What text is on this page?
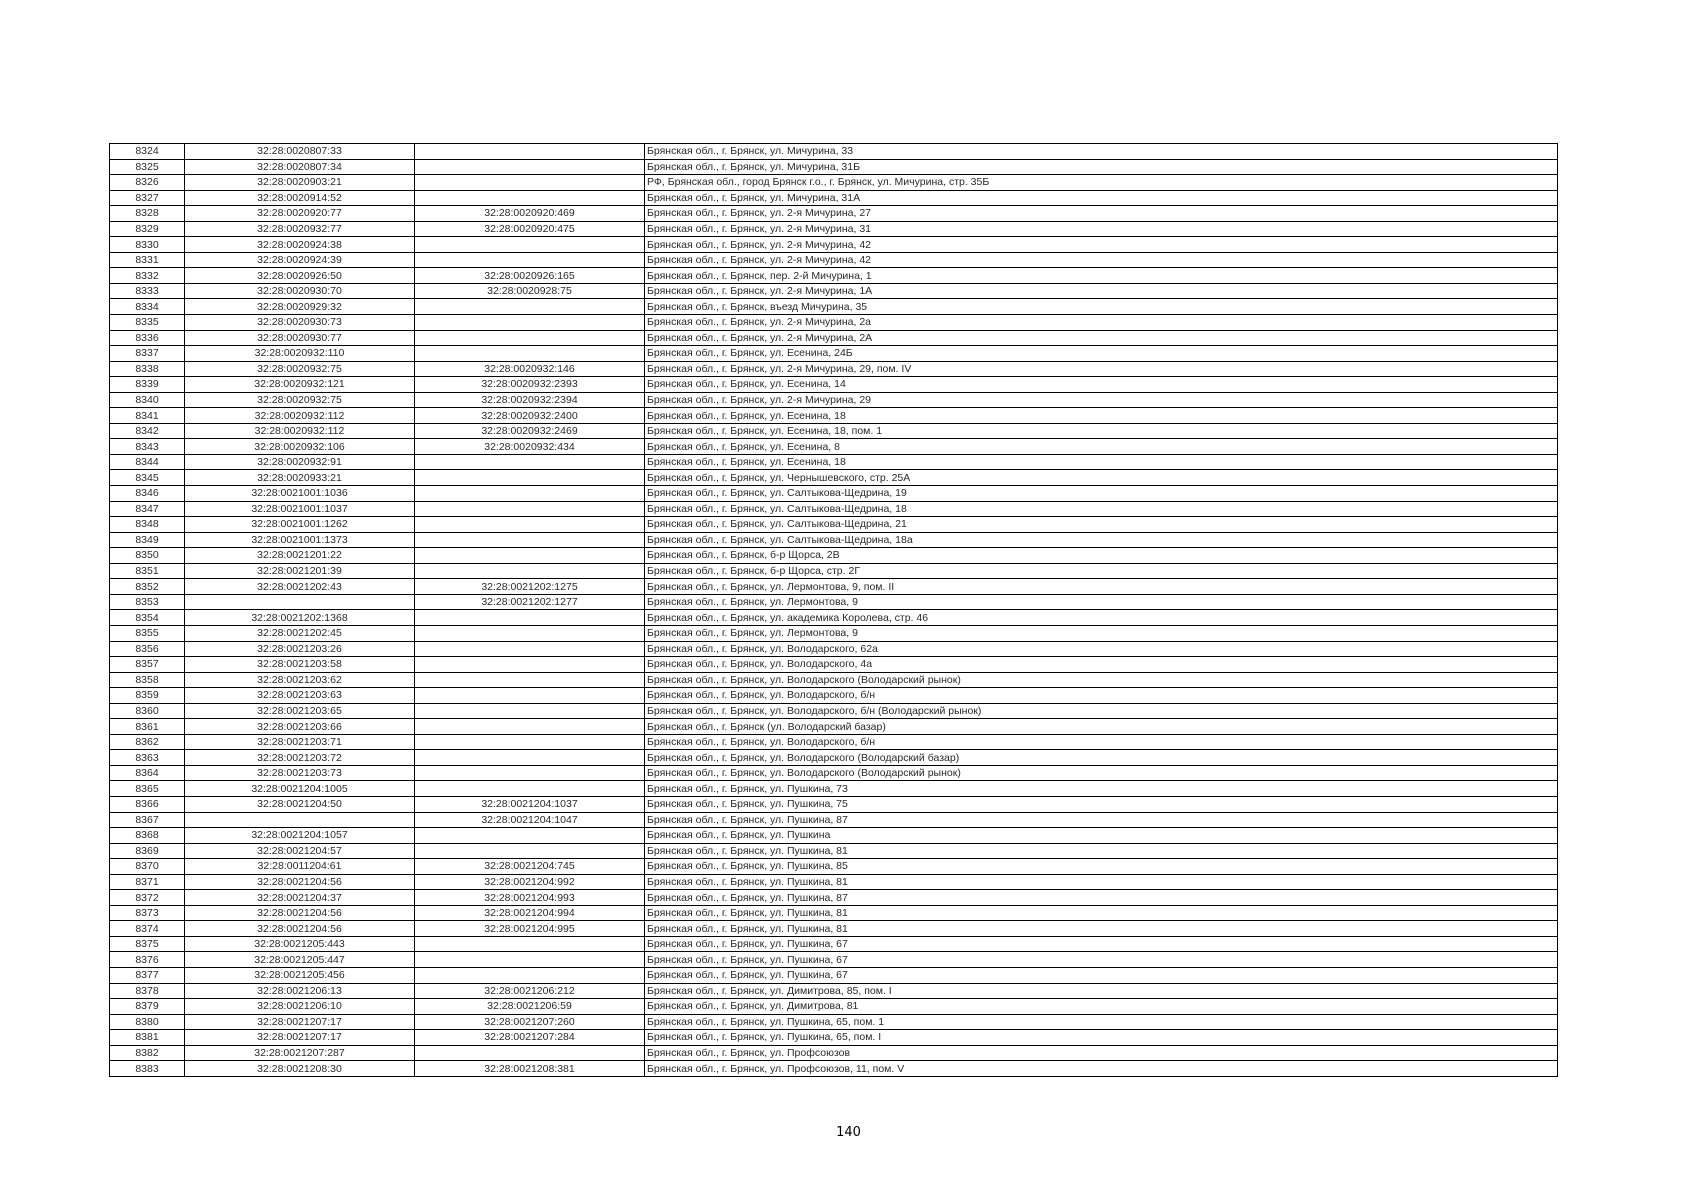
8324	32:28:0020807:33		Брянская обл., г. Брянск, ул. Мичурина, 33
8325	32:28:0020807:34		Брянская обл., г. Брянск, ул. Мичурина, 31Б
8326	32:28:0020903:21		РФ, Брянская обл., город Брянск г.о., г. Брянск, ул. Мичурина, стр. 35Б
8327	32:28:0020914:52		Брянская обл., г. Брянск, ул. Мичурина, 31А
8328	32:28:0020920:77	32:28:0020920:469	Брянская обл., г. Брянск, ул. 2-я Мичурина, 27
8329	32:28:0020932:77	32:28:0020920:475	Брянская обл., г. Брянск, ул. 2-я Мичурина, 31
8330	32:28:0020924:38		Брянская обл., г. Брянск, ул. 2-я Мичурина, 42
8331	32:28:0020924:39		Брянская обл., г. Брянск, ул. 2-я Мичурина, 42
8332	32:28:0020926:50	32:28:0020926:165	Брянская обл., г. Брянск, пер. 2-й Мичурина, 1
8333	32:28:0020930:70	32:28:0020928:75	Брянская обл., г. Брянск, ул. 2-я Мичурина, 1А
8334	32:28:0020929:32		Брянская обл., г. Брянск, въезд Мичурина, 35
8335	32:28:0020930:73		Брянская обл., г. Брянск, ул. 2-я Мичурина, 2а
8336	32:28:0020930:77		Брянская обл., г. Брянск, ул. 2-я Мичурина, 2А
8337	32:28:0020932:110		Брянская обл., г. Брянск, ул. Есенина, 24Б
8338	32:28:0020932:75	32:28:0020932:146	Брянская обл., г. Брянск, ул. 2-я Мичурина, 29, пом. IV
8339	32:28:0020932:121	32:28:0020932:2393	Брянская обл., г. Брянск, ул. Есенина, 14
8340	32:28:0020932:75	32:28:0020932:2394	Брянская обл., г. Брянск, ул. 2-я Мичурина, 29
8341	32:28:0020932:112	32:28:0020932:2400	Брянская обл., г. Брянск, ул. Есенина, 18
8342	32:28:0020932:112	32:28:0020932:2469	Брянская обл., г. Брянск, ул. Есенина, 18, пом. 1
8343	32:28:0020932:106	32:28:0020932:434	Брянская обл., г. Брянск, ул. Есенина, 8
8344	32:28:0020932:91		Брянская обл., г. Брянск, ул. Есенина, 18
8345	32:28:0020933:21		Брянская обл., г. Брянск, ул. Чернышевского, стр. 25А
8346	32:28:0021001:1036		Брянская обл., г. Брянск, ул. Салтыкова-Щедрина, 19
8347	32:28:0021001:1037		Брянская обл., г. Брянск, ул. Салтыкова-Щедрина, 18
8348	32:28:0021001:1262		Брянская обл., г. Брянск, ул. Салтыкова-Щедрина, 21
8349	32:28:0021001:1373		Брянская обл., г. Брянск, ул. Салтыкова-Щедрина, 18а
8350	32:28:0021201:22		Брянская обл., г. Брянск, б-р Щорса, 2В
8351	32:28:0021201:39		Брянская обл., г. Брянск, б-р Щорса, стр. 2Г
8352	32:28:0021202:43	32:28:0021202:1275	Брянская обл., г. Брянск, ул. Лермонтова, 9, пом. II
8353		32:28:0021202:1277	Брянская обл., г. Брянск, ул. Лермонтова, 9
8354	32:28:0021202:1368		Брянская обл., г. Брянск, ул. академика Королева, стр. 46
8355	32:28:0021202:45		Брянская обл., г. Брянск, ул. Лермонтова, 9
8356	32:28:0021203:26		Брянская обл., г. Брянск, ул. Володарского, 62а
8357	32:28:0021203:58		Брянская обл., г. Брянск, ул. Володарского, 4а
8358	32:28:0021203:62		Брянская обл., г. Брянск, ул. Володарского (Володарский рынок)
8359	32:28:0021203:63		Брянская обл., г. Брянск, ул. Володарского, б/н
8360	32:28:0021203:65		Брянская обл., г. Брянск, ул. Володарского, б/н (Володарский рынок)
8361	32:28:0021203:66		Брянская обл., г. Брянск (ул. Володарский базар)
8362	32:28:0021203:71		Брянская обл., г. Брянск, ул. Володарского, б/н
8363	32:28:0021203:72		Брянская обл., г. Брянск, ул. Володарского (Володарский базар)
8364	32:28:0021203:73		Брянская обл., г. Брянск, ул. Володарского (Володарский рынок)
8365	32:28:0021204:1005		Брянская обл., г. Брянск, ул. Пушкина, 73
8366	32:28:0021204:50	32:28:0021204:1037	Брянская обл., г. Брянск, ул. Пушкина, 75
8367		32:28:0021204:1047	Брянская обл., г. Брянск, ул. Пушкина, 87
8368	32:28:0021204:1057		Брянская обл., г. Брянск, ул. Пушкина
8369	32:28:0021204:57		Брянская обл., г. Брянск, ул. Пушкина, 81
8370	32:28:0011204:61	32:28:0021204:745	Брянская обл., г. Брянск, ул. Пушкина, 85
8371	32:28:0021204:56	32:28:0021204:992	Брянская обл., г. Брянск, ул. Пушкина, 81
8372	32:28:0021204:37	32:28:0021204:993	Брянская обл., г. Брянск, ул. Пушкина, 87
8373	32:28:0021204:56	32:28:0021204:994	Брянская обл., г. Брянск, ул. Пушкина, 81
8374	32:28:0021204:56	32:28:0021204:995	Брянская обл., г. Брянск, ул. Пушкина, 81
8375	32:28:0021205:443		Брянская обл., г. Брянск, ул. Пушкина, 67
8376	32:28:0021205:447		Брянская обл., г. Брянск, ул. Пушкина, 67
8377	32:28:0021205:456		Брянская обл., г. Брянск, ул. Пушкина, 67
8378	32:28:0021206:13	32:28:0021206:212	Брянская обл., г. Брянск, ул. Димитрова, 85, пом. I
8379	32:28:0021206:10	32:28:0021206:59	Брянская обл., г. Брянск, ул. Димитрова, 81
8380	32:28:0021207:17	32:28:0021207:260	Брянская обл., г. Брянск, ул. Пушкина, 65, пом. 1
8381	32:28:0021207:17	32:28:0021207:284	Брянская обл., г. Брянск, ул. Пушкина, 65, пом. I
8382	32:28:0021207:287		Брянская обл., г. Брянск, ул. Профсоюзов
8383	32:28:0021208:30	32:28:0021208:381	Брянская обл., г. Брянск, ул. Профсоюзов, 11, пом. V
140
